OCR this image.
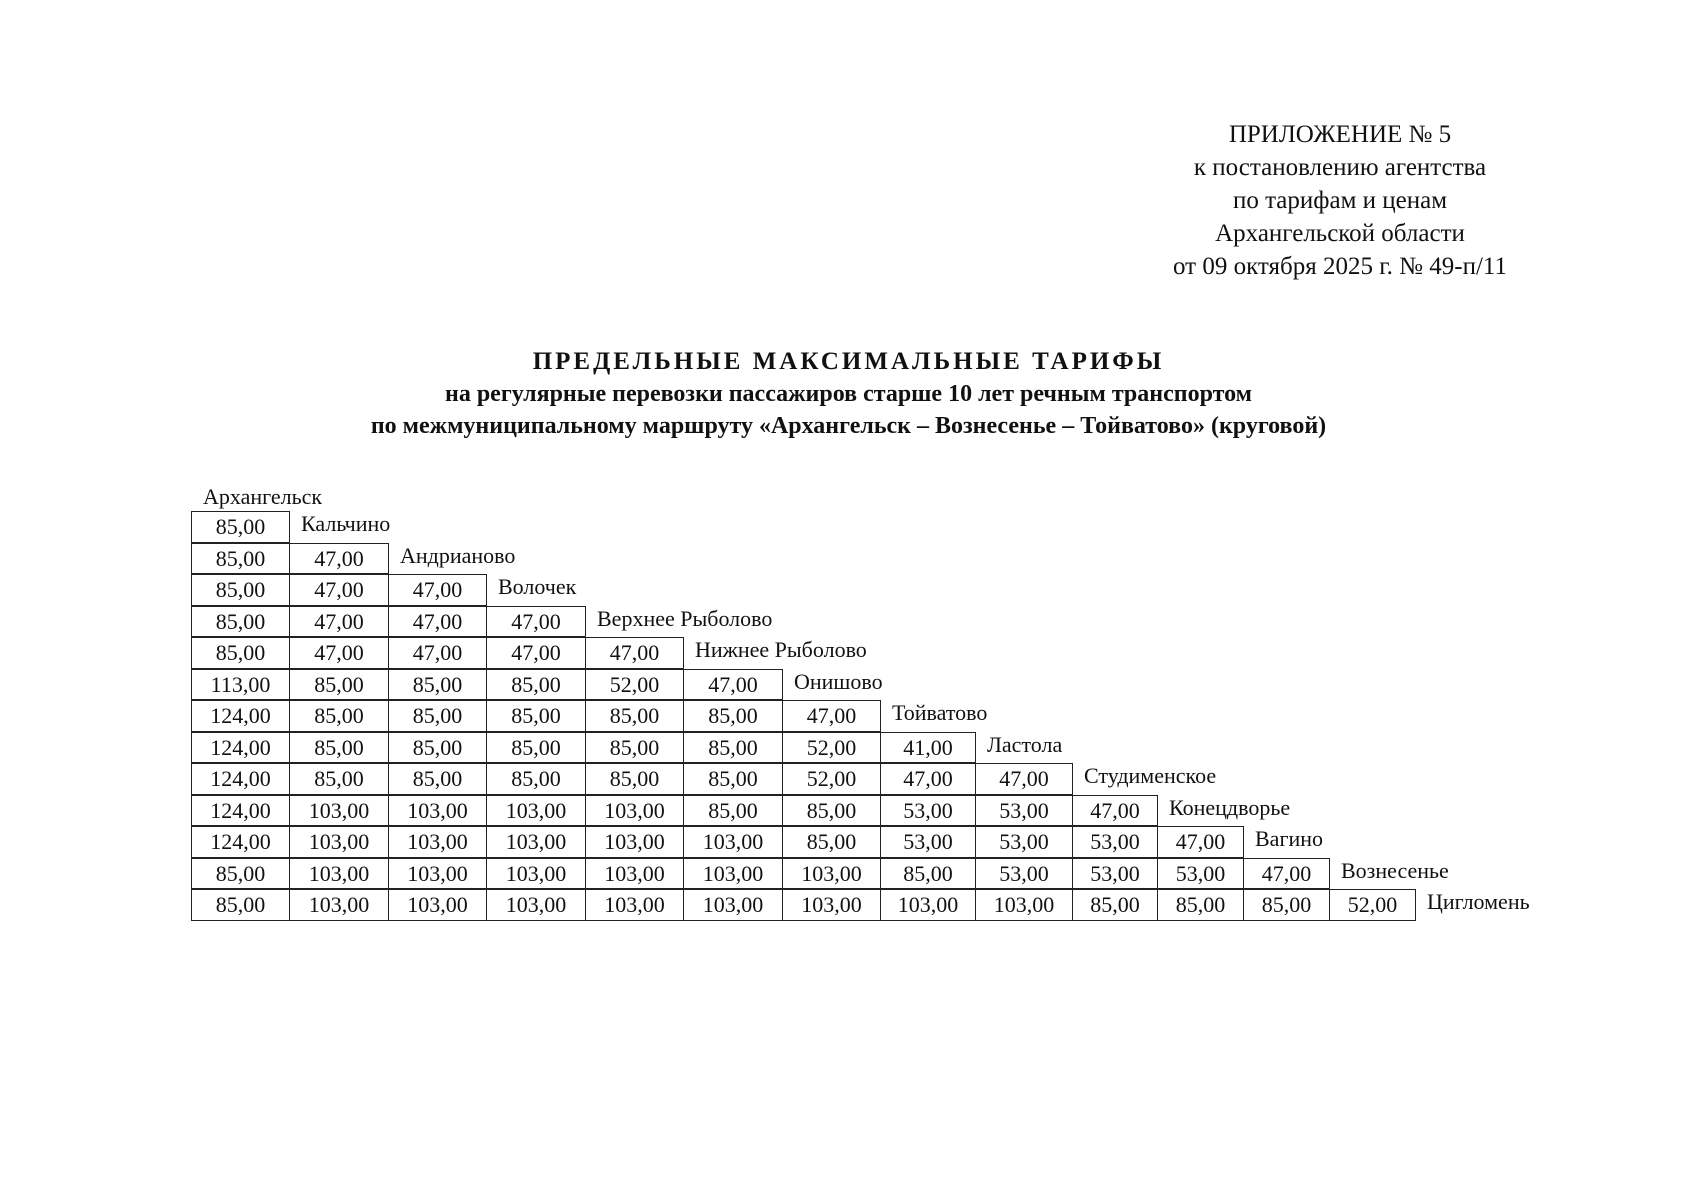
ПРИЛОЖЕНИЕ № 5
к постановлению агентства
по тарифам и ценам
Архангельской области
от 09 октября 2025 г. № 49-п/11
ПРЕДЕЛЬНЫЕ МАКСИМАЛЬНЫЕ ТАРИФЫ
на регулярные перевозки пассажиров старше 10 лет речным транспортом
по межмуниципальному маршруту «Архангельск – Вознесенье – Тойватово» (круговой)
Архангельск
85,00	Кальчино
85,00	47,00	Андрианово
85,00	47,00	47,00	Волочек
85,00	47,00	47,00	47,00	Верхнее Рыболово
85,00	47,00	47,00	47,00	47,00	Нижнее Рыболово
113,00	85,00	85,00	85,00	52,00	47,00	Онишово
124,00	85,00	85,00	85,00	85,00	85,00	47,00	Тойватово
124,00	85,00	85,00	85,00	85,00	85,00	52,00	41,00	Ластола
124,00	85,00	85,00	85,00	85,00	85,00	52,00	47,00	47,00	Студименское
124,00	103,00	103,00	103,00	103,00	85,00	85,00	53,00	53,00	47,00	Конецдворье
124,00	103,00	103,00	103,00	103,00	103,00	85,00	53,00	53,00	53,00	47,00	Вагино
85,00	103,00	103,00	103,00	103,00	103,00	103,00	85,00	53,00	53,00	53,00	47,00	Вознесенье
85,00	103,00	103,00	103,00	103,00	103,00	103,00	103,00	103,00	85,00	85,00	85,00	52,00	Цигломень
